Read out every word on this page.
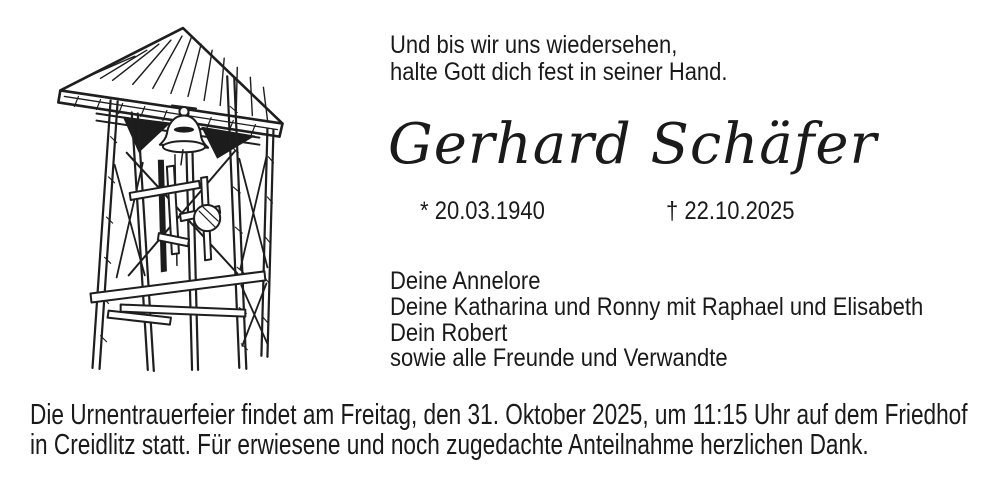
Und bis wir uns wiedersehen,
halte Gott dich fest in seiner Hand.
Gerhard Schäfer
* 20.03.1940	† 22.10.2025
Deine Annelore
Deine Katharina und Ronny mit Raphael und Elisabeth
Dein Robert
sowie alle Freunde und Verwandte
Die Urnentrauerfeier findet am Freitag, den 31. Oktober 2025, um 11:15 Uhr auf dem Friedhof
in Creidlitz statt. Für erwiesene und noch zugedachte Anteilnahme herzlichen Dank.
